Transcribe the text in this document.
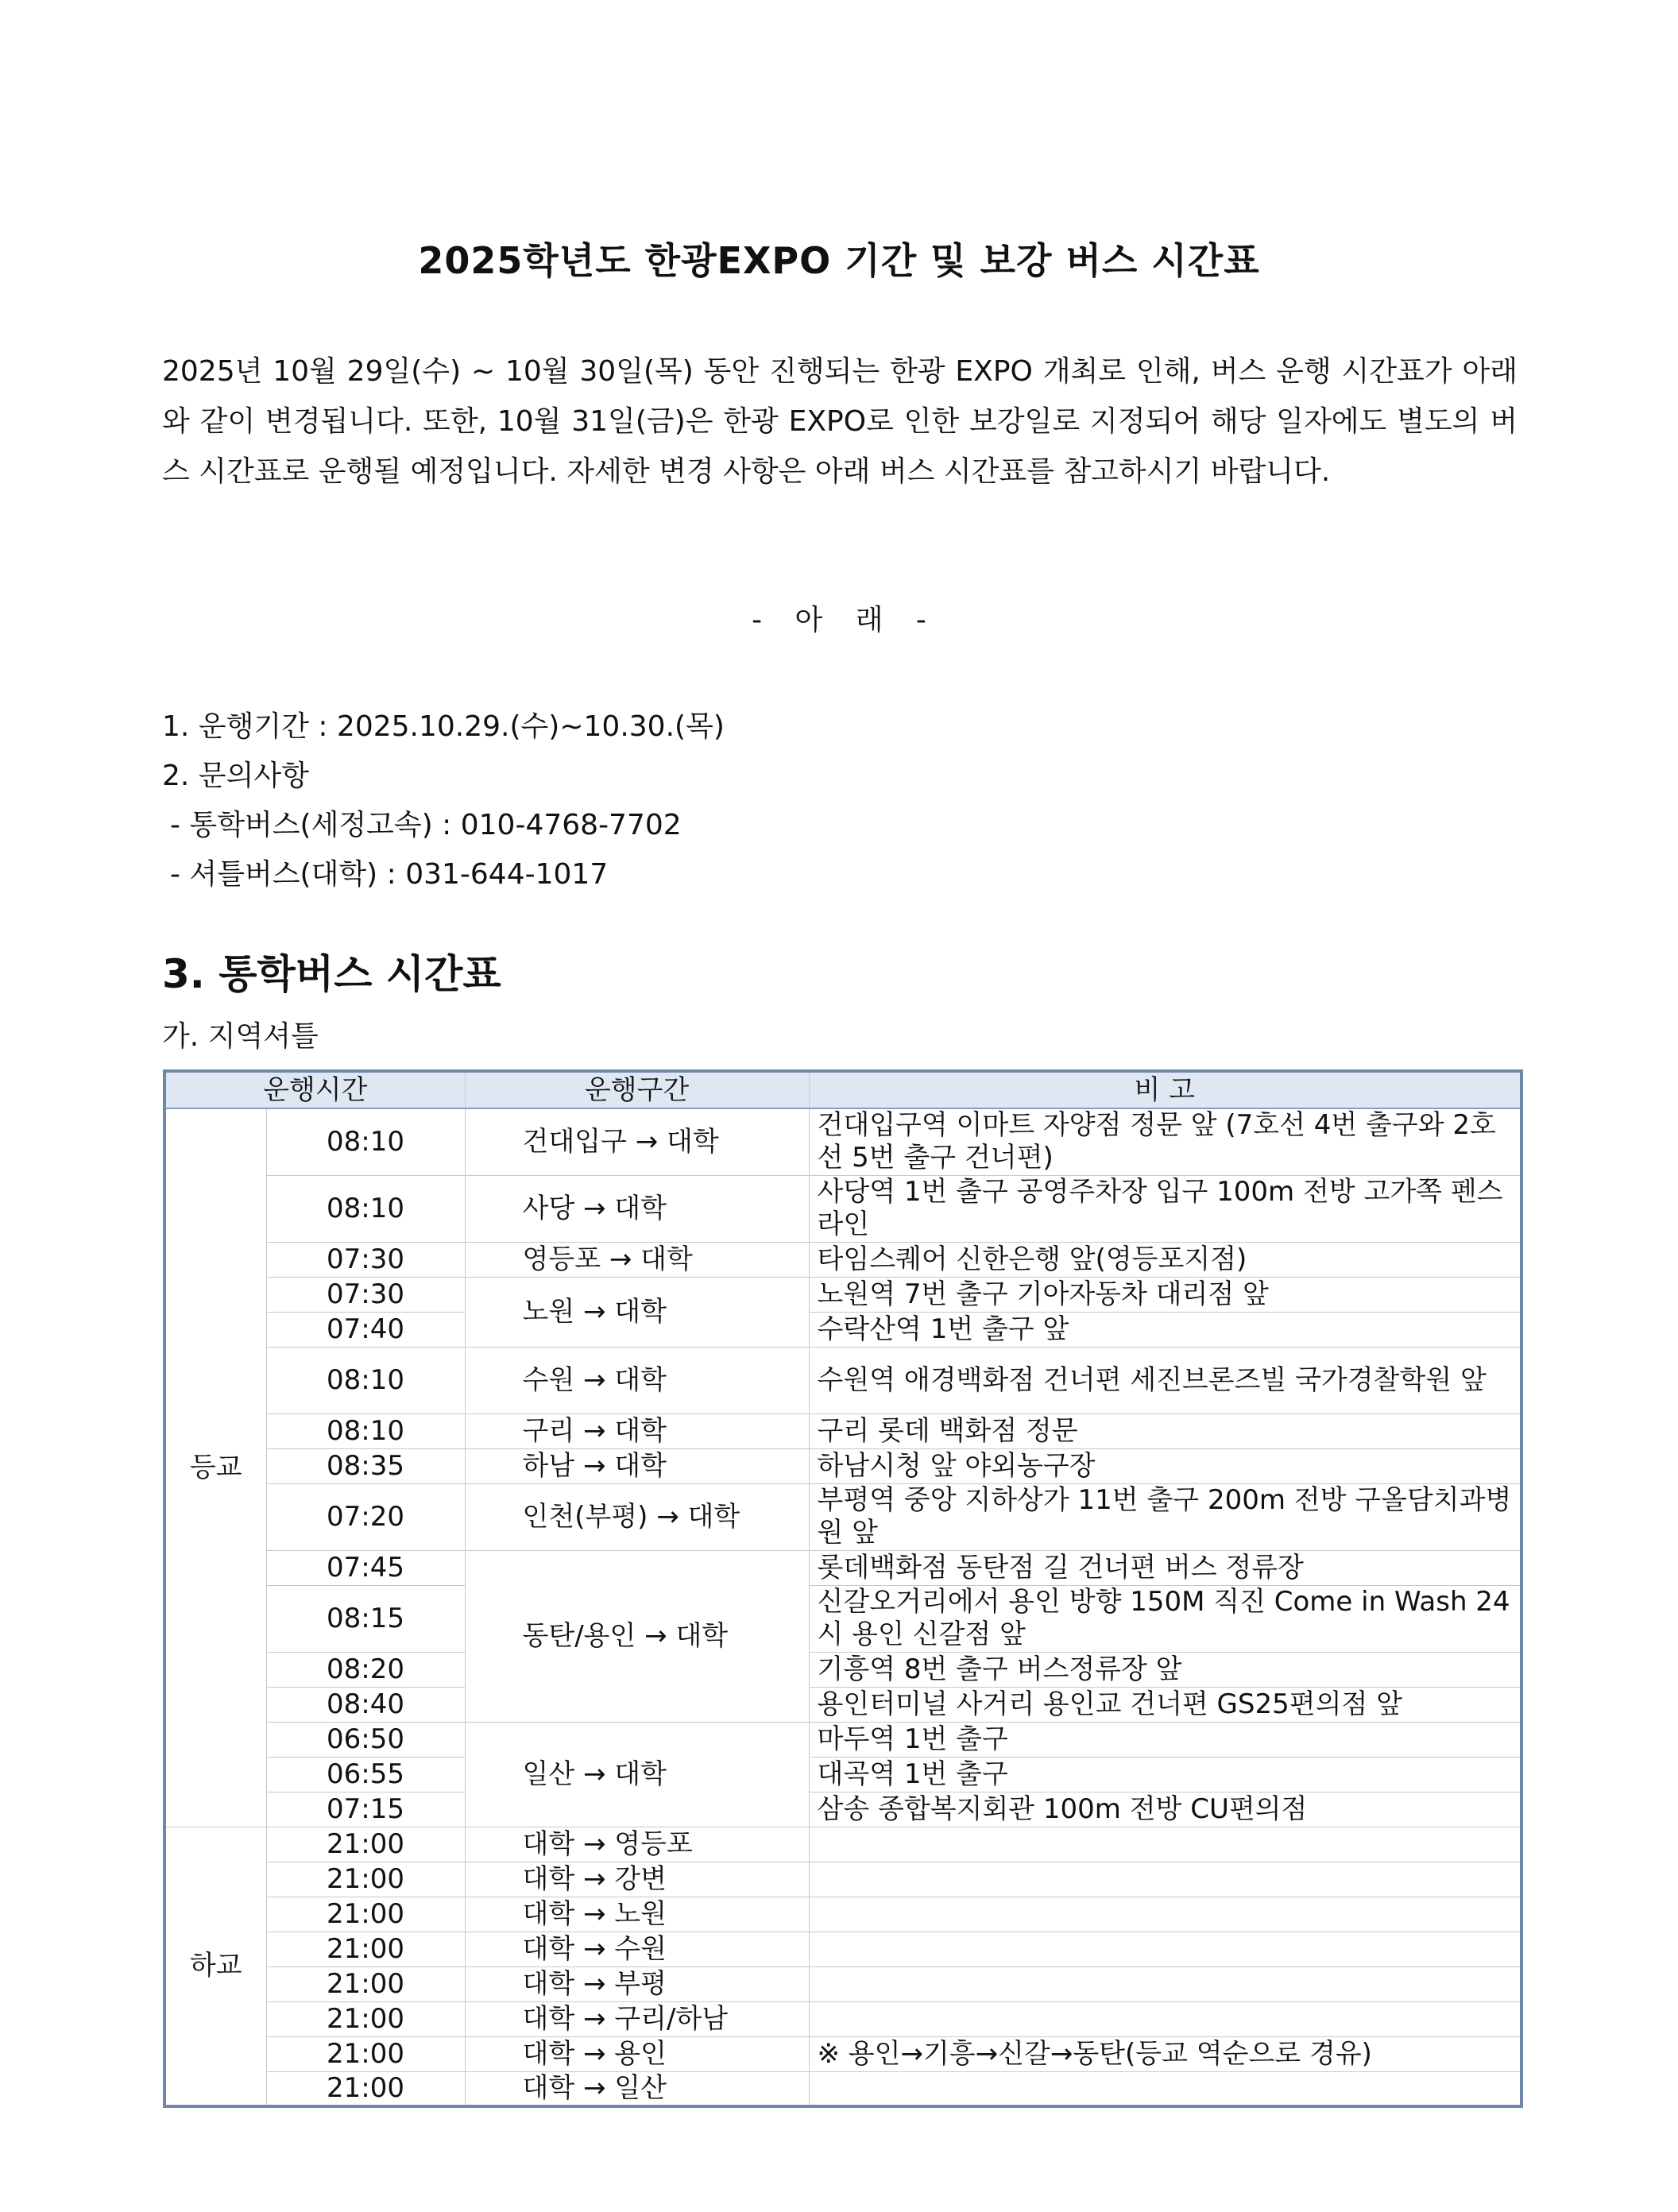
2025학년도 한광EXPO 기간 및 보강 버스 시간표

2025년 10월 29일(수) ~ 10월 30일(목) 동안 진행되는 한광 EXPO 개최로 인해, 버스 운행 시간표가 아래와 같이 변경됩니다. 또한, 10월 31일(금)은 한광 EXPO로 인한 보강일로 지정되어 해당 일자에도 별도의 버스 시간표로 운행될 예정입니다. 자세한 변경 사항은 아래 버스 시간표를 참고하시기 바랍니다.

- 아 래 -

1. 운행기간 : 2025.10.29.(수)~10.30.(목)

2. 문의사항

- 통학버스(세정고속) : 010-4768-7702

- 셔틀버스(대학) : 031-644-1017

3. 통학버스 시간표

가. 지역셔틀

운행시간		운행구간	비 고
등교	08:10	건대입구 → 대학	건대입구역 이마트 자양점 정문 앞 (7호선 4번 출구와 2호선 5번 출구 건너편)
	08:10	사당 → 대학	사당역 1번 출구 공영주차장 입구 100m 전방 고가쪽 펜스라인
	07:30	영등포 → 대학	타임스퀘어 신한은행 앞(영등포지점)
	07:30	노원 → 대학	노원역 7번 출구 기아자동차 대리점 앞
	07:40		수락산역 1번 출구 앞
	08:10	수원 → 대학	수원역 애경백화점 건너편 세진브론즈빌 국가경찰학원 앞
	08:10	구리 → 대학	구리 롯데 백화점 정문
	08:35	하남 → 대학	하남시청 앞 야외농구장
	07:20	인천(부평) → 대학	부평역 중앙 지하상가 11번 출구 200m 전방 구올담치과병원 앞
	07:45	동탄/용인 → 대학	롯데백화점 동탄점 길 건너편 버스 정류장
	08:15		신갈오거리에서 용인 방향 150M 직진 Come in Wash 24시 용인 신갈점 앞
	08:20		기흥역 8번 출구 버스정류장 앞
	08:40		용인터미널 사거리 용인교 건너편 GS25편의점 앞
	06:50	일산 → 대학	마두역 1번 출구
	06:55		대곡역 1번 출구
	07:15		삼송 종합복지회관 100m 전방 CU편의점
하교	21:00	대학 → 영등포	
	21:00	대학 → 강변	
	21:00	대학 → 노원	
	21:00	대학 → 수원	
	21:00	대학 → 부평	
	21:00	대학 → 구리/하남	
	21:00	대학 → 용인	※ 용인→기흥→신갈→동탄(등교 역순으로 경유)
	21:00	대학 → 일산	
